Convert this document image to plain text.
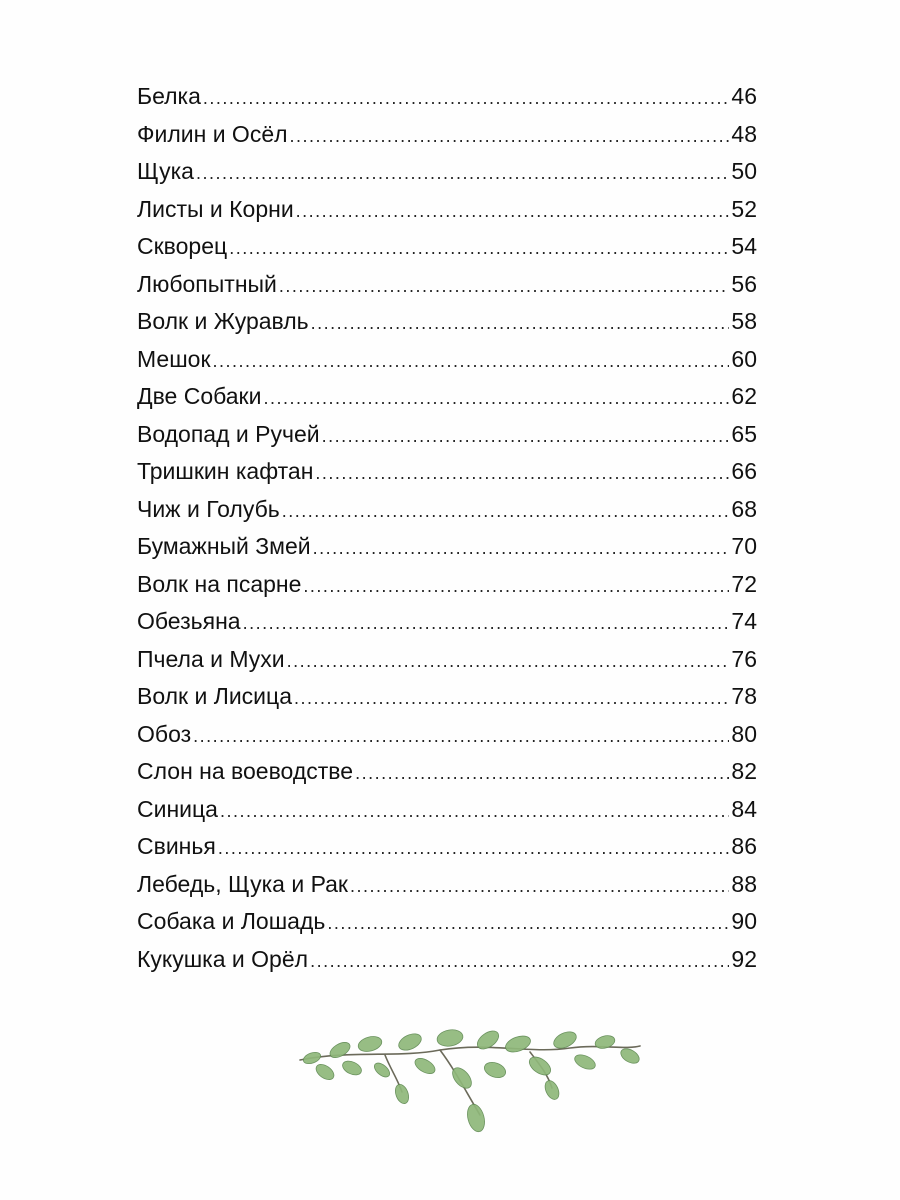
Белка .....	46
Филин и Осёл .....	48
Щука .....	50
Листы и Корни .....	52
Скворец .....	54
Любопытный .....	56
Волк и Журавль .....	58
Мешок .....	60
Две Собаки .....	62
Водопад и Ручей .....	65
Тришкин кафтан .....	66
Чиж и Голубь .....	68
Бумажный Змей .....	70
Волк на псарне .....	72
Обезьяна .....	74
Пчела и Мухи .....	76
Волк и Лисица .....	78
Обоз .....	80
Слон на воеводстве .....	82
Синица .....	84
Свинья .....	86
Лебедь, Щука и Рак .....	88
Собака и Лошадь .....	90
Кукушка и Орёл .....	92
